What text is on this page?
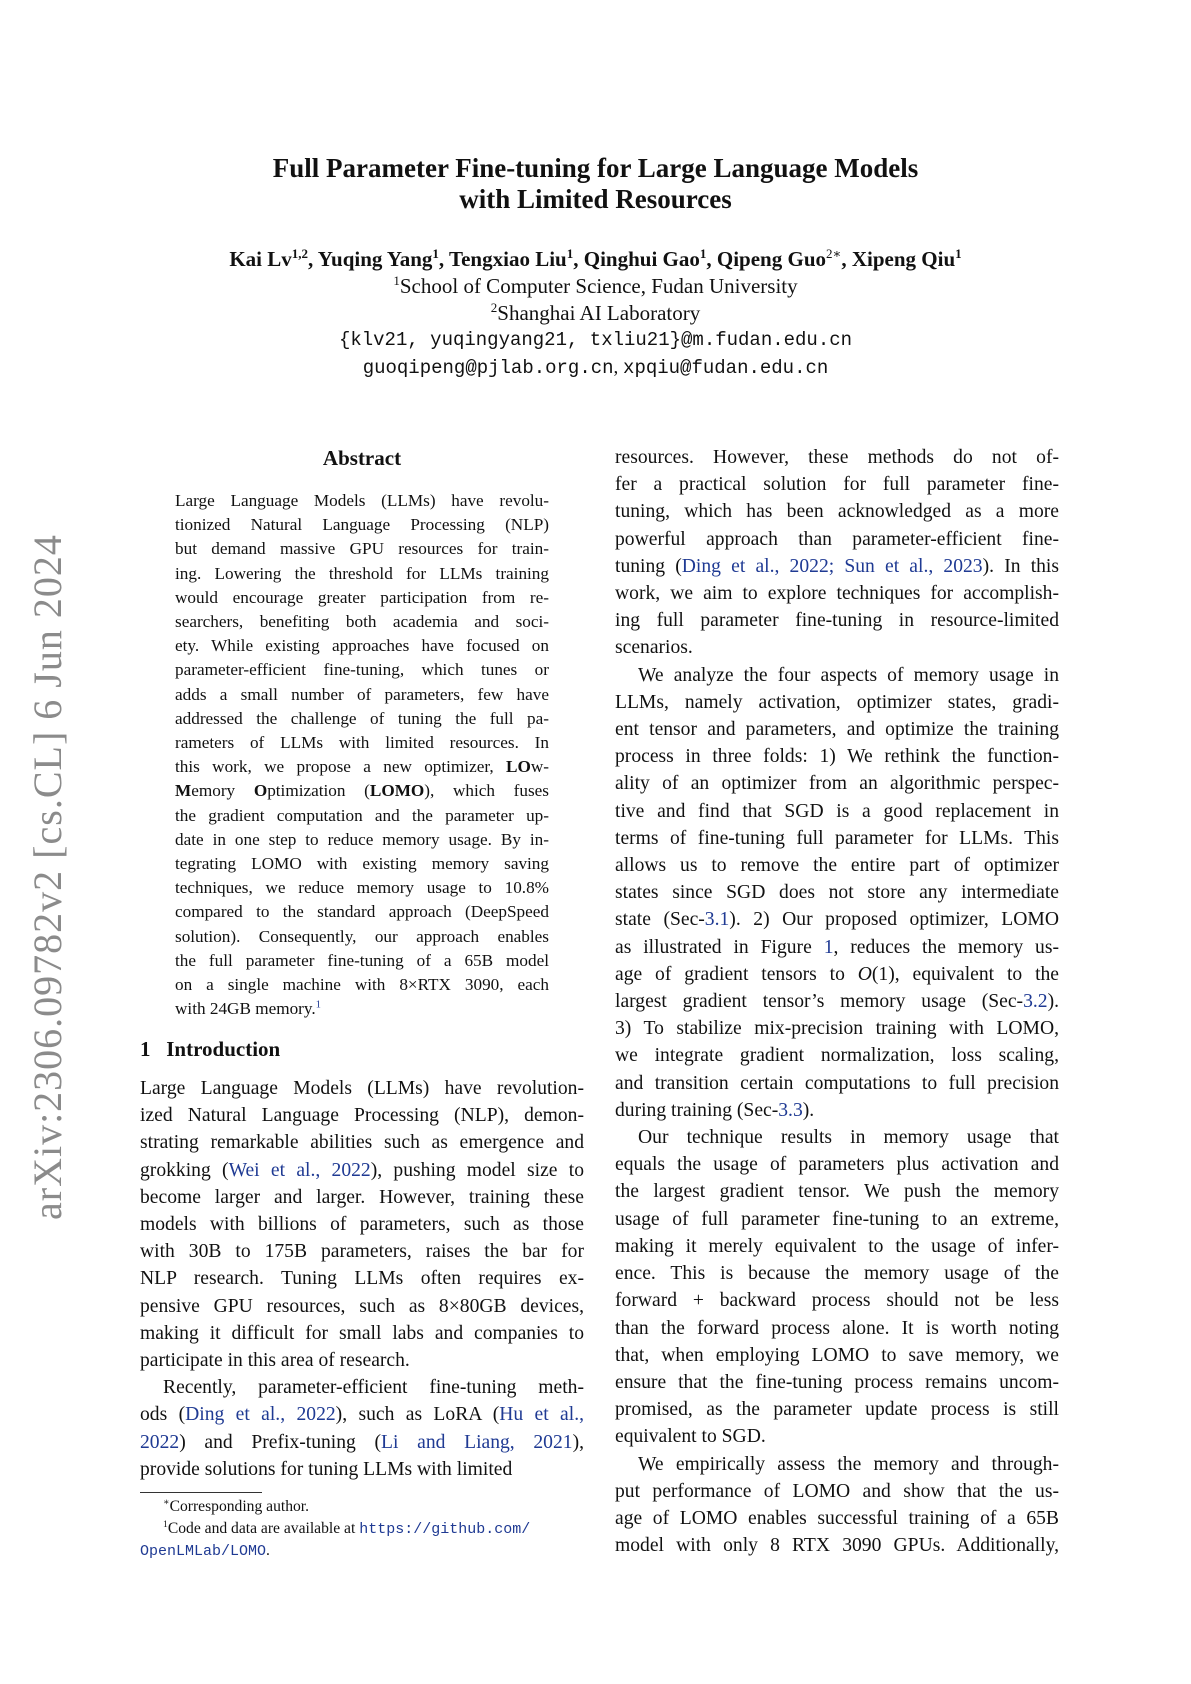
arXiv:2306.09782v2 [cs.CL] 6 Jun 2024
Full Parameter Fine-tuning for Large Language Models
with Limited Resources
Kai Lv$^{1,2}$, Yuqing Yang$^1$, Tengxiao Liu$^1$, Qinghui Gao$^1$, Qipeng Guo$^{2∗}$, Xipeng Qiu$^1$
$^1$School of Computer Science, Fudan University
$^2$Shanghai AI Laboratory
{klv21, yuqingyang21, txliu21}@m.fudan.edu.cn
guoqipeng@pjlab.org.cn, xpqiu@fudan.edu.cn
Abstract
Large Language Models (LLMs) have revolu-
tionized Natural Language Processing (NLP)
but demand massive GPU resources for train-
ing. Lowering the threshold for LLMs training
would encourage greater participation from re-
searchers, benefiting both academia and soci-
ety. While existing approaches have focused on
parameter-efficient fine-tuning, which tunes or
adds a small number of parameters, few have
addressed the challenge of tuning the full pa-
rameters of LLMs with limited resources. In
this work, we propose a new optimizer, LOw-
Memory Optimization (LOMO), which fuses
the gradient computation and the parameter up-
date in one step to reduce memory usage. By in-
tegrating LOMO with existing memory saving
techniques, we reduce memory usage to 10.8%
compared to the standard approach (DeepSpeed
solution). Consequently, our approach enables
the full parameter fine-tuning of a 65B model
on a single machine with 8×RTX 3090, each
with 24GB memory.$^1$
1 Introduction
Large Language Models (LLMs) have revolution-
ized Natural Language Processing (NLP), demon-
strating remarkable abilities such as emergence and
grokking (Wei et al., 2022), pushing model size to
become larger and larger. However, training these
models with billions of parameters, such as those
with 30B to 175B parameters, raises the bar for
NLP research. Tuning LLMs often requires ex-
pensive GPU resources, such as 8×80GB devices,
making it difficult for small labs and companies to
participate in this area of research.
Recently, parameter-efficient fine-tuning meth-
ods (Ding et al., 2022), such as LoRA (Hu et al.,
2022) and Prefix-tuning (Li and Liang, 2021),
provide solutions for tuning LLMs with limited
resources. However, these methods do not of-
fer a practical solution for full parameter fine-
tuning, which has been acknowledged as a more
powerful approach than parameter-efficient fine-
tuning (Ding et al., 2022; Sun et al., 2023). In this
work, we aim to explore techniques for accomplish-
ing full parameter fine-tuning in resource-limited
scenarios.
We analyze the four aspects of memory usage in
LLMs, namely activation, optimizer states, gradi-
ent tensor and parameters, and optimize the training
process in three folds: 1) We rethink the function-
ality of an optimizer from an algorithmic perspec-
tive and find that SGD is a good replacement in
terms of fine-tuning full parameter for LLMs. This
allows us to remove the entire part of optimizer
states since SGD does not store any intermediate
state (Sec-3.1). 2) Our proposed optimizer, LOMO
as illustrated in Figure 1, reduces the memory us-
age of gradient tensors to O(1), equivalent to the
largest gradient tensor’s memory usage (Sec-3.2).
3) To stabilize mix-precision training with LOMO,
we integrate gradient normalization, loss scaling,
and transition certain computations to full precision
during training (Sec-3.3).
Our technique results in memory usage that
equals the usage of parameters plus activation and
the largest gradient tensor. We push the memory
usage of full parameter fine-tuning to an extreme,
making it merely equivalent to the usage of infer-
ence. This is because the memory usage of the
forward + backward process should not be less
than the forward process alone. It is worth noting
that, when employing LOMO to save memory, we
ensure that the fine-tuning process remains uncom-
promised, as the parameter update process is still
equivalent to SGD.
We empirically assess the memory and through-
put performance of LOMO and show that the us-
age of LOMO enables successful training of a 65B
model with only 8 RTX 3090 GPUs. Additionally,
∗Corresponding author.
$^1$Code and data are available at https://github.com/
OpenLMLab/LOMO.
